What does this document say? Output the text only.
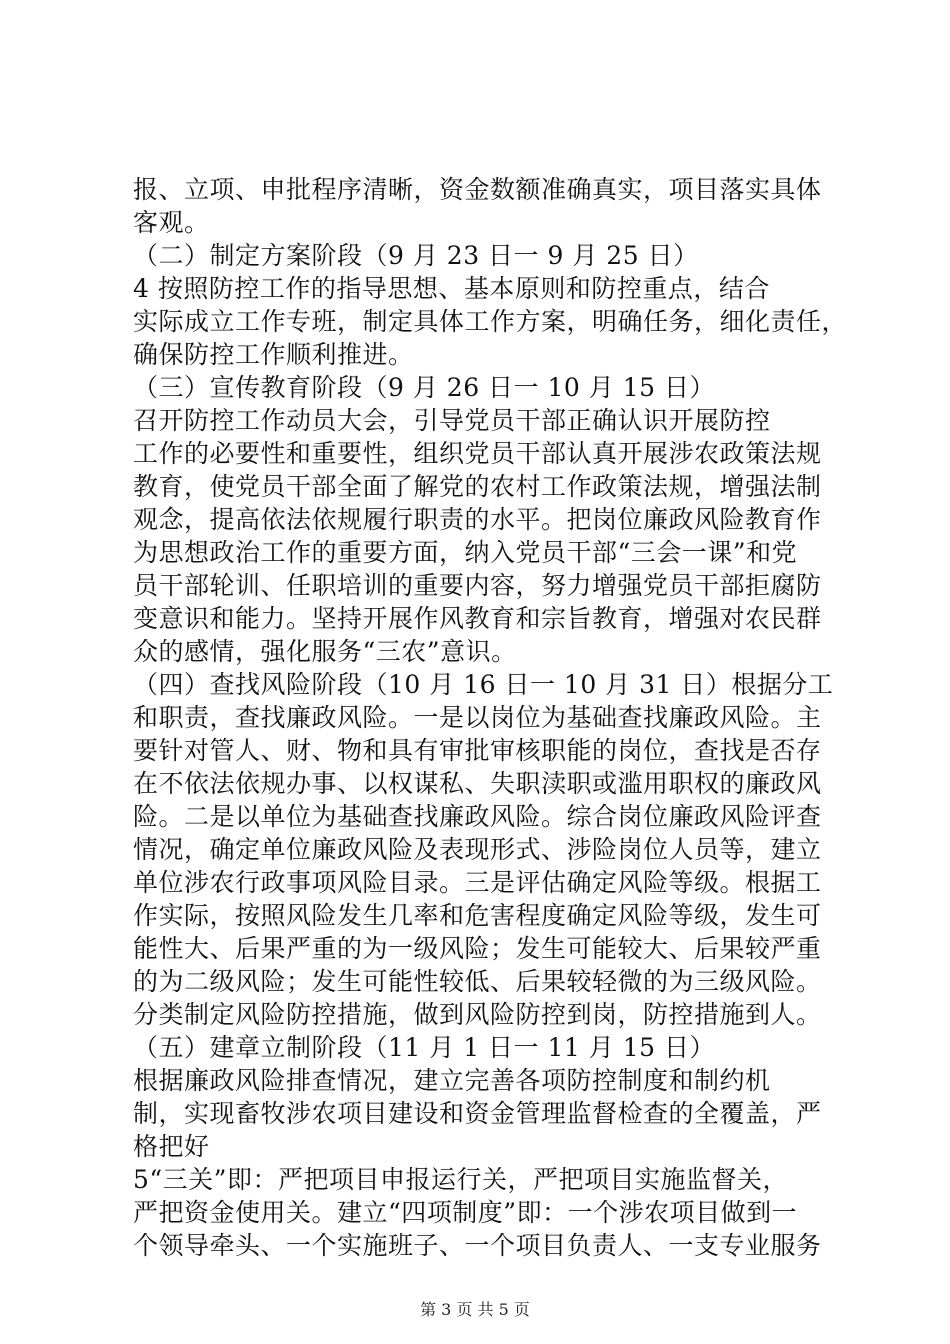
报、立项、申批程序清晰，资金数额准确真实，项目落实具体
客观。
（二）制定方案阶段（9 月 23 日一 9 月 25 日）
4 按照防控工作的指导思想、基本原则和防控重点，结合
实际成立工作专班，制定具体工作方案，明确任务，细化责任，
确保防控工作顺利推进。
（三）宣传教育阶段（9 月 26 日一 10 月 15 日）
召开防控工作动员大会，引导党员干部正确认识开展防控
工作的必要性和重要性，组织党员干部认真开展涉农政策法规
教育，使党员干部全面了解党的农村工作政策法规，增强法制
观念，提高依法依规履行职责的水平。把岗位廉政风险教育作
为思想政治工作的重要方面，纳入党员干部“三会一课”和党
员干部轮训、任职培训的重要内容，努力增强党员干部拒腐防
变意识和能力。坚持开展作风教育和宗旨教育，增强对农民群
众的感情，强化服务“三农”意识。
（四）查找风险阶段（10 月 16 日一 10 月 31 日）根据分工
和职责，查找廉政风险。一是以岗位为基础查找廉政风险。主
要针对管人、财、物和具有审批审核职能的岗位，查找是否存
在不依法依规办事、以权谋私、失职渎职或滥用职权的廉政风
险。二是以单位为基础查找廉政风险。综合岗位廉政风险评查
情况，确定单位廉政风险及表现形式、涉险岗位人员等，建立
单位涉农行政事项风险目录。三是评估确定风险等级。根据工
作实际，按照风险发生几率和危害程度确定风险等级，发生可
能性大、后果严重的为一级风险；发生可能较大、后果较严重
的为二级风险；发生可能性较低、后果较轻微的为三级风险。
分类制定风险防控措施，做到风险防控到岗，防控措施到人。
（五）建章立制阶段（11 月 1 日一 11 月 15 日）
根据廉政风险排查情况，建立完善各项防控制度和制约机
制，实现畜牧涉农项目建设和资金管理监督检查的全覆盖，严
格把好
5“三关”即：严把项目申报运行关，严把项目实施监督关，
严把资金使用关。建立“四项制度”即：一个涉农项目做到一
个领导牵头、一个实施班子、一个项目负责人、一支专业服务
第 3 页 共 5 页
